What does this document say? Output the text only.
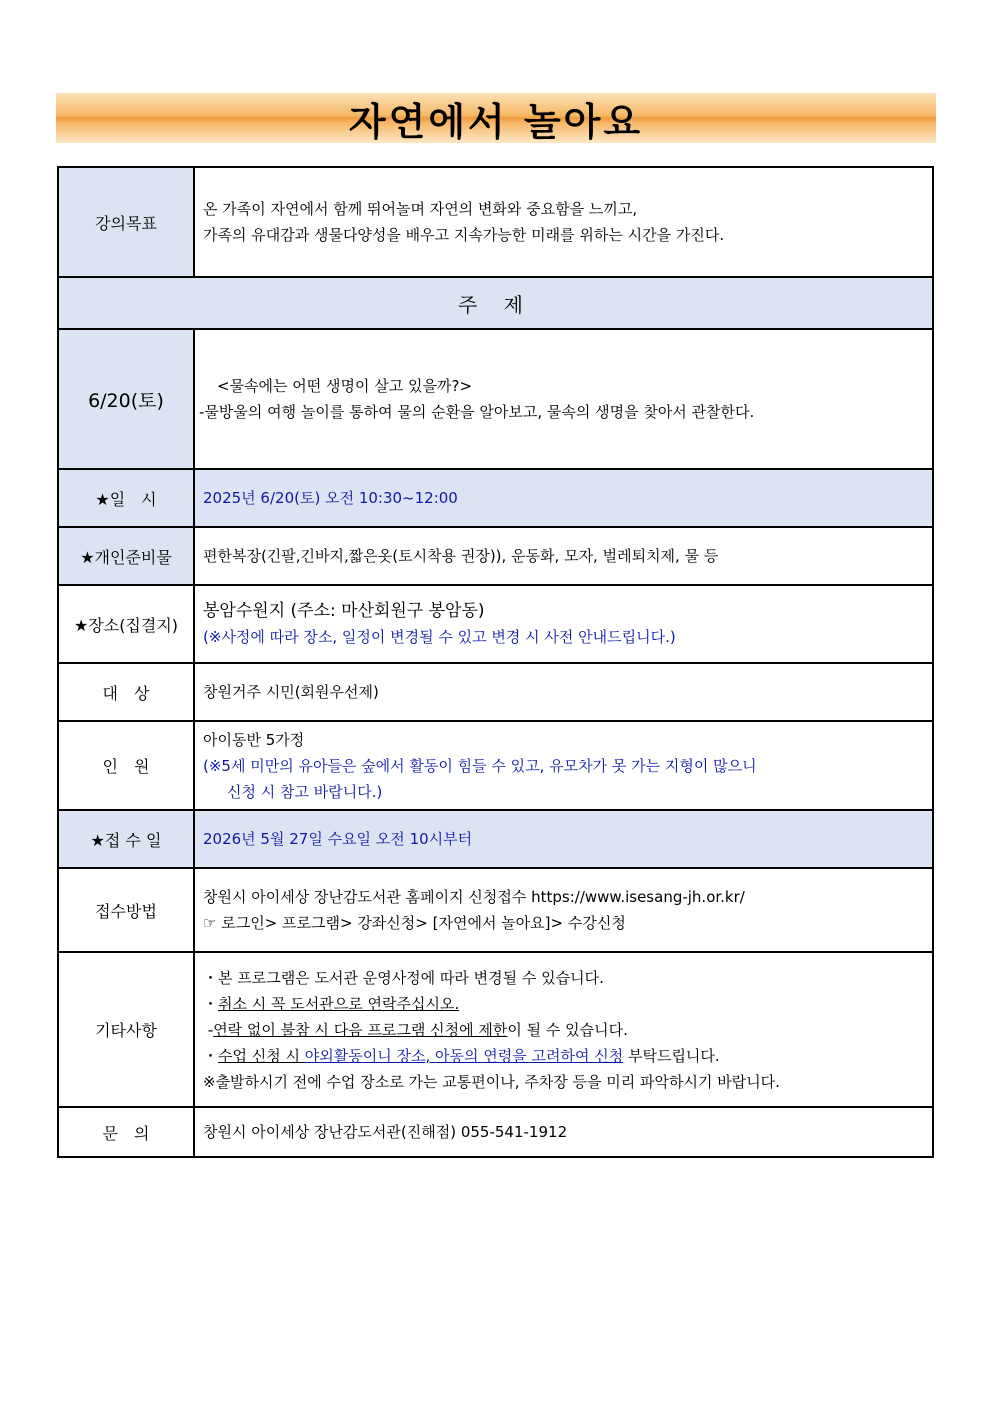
자연에서 놀아요
강의목표	온 가족이 자연에서 함께 뛰어놀며 자연의 변화와 중요함을 느끼고,
가족의 유대감과 생물다양성을 배우고 지속가능한 미래를 위하는 시간을 가진다.

주 제	
6/20(토)	<물속에는 어떤 생명이 살고 있을까?>
-물방울의 여행 놀이를 통하여 물의 순환을 알아보고, 물속의 생명을 찾아서 관찰한다.

★일　시	2025년 6/20(토) 오전 10:30~12:00
★개인준비물	편한복장(긴팔,긴바지,짧은옷(토시착용 권장)), 운동화, 모자, 벌레퇴치제, 물 등
★장소(집결지)	봉암수원지 (주소: 마산회원구 봉암동)
(※사정에 따라 장소, 일정이 변경될 수 있고 변경 시 사전 안내드립니다.)

대　상	창원거주 시민(회원우선제)
인　원	아이동반 5가정
(※5세 미만의 유아들은 숲에서 활동이 힘들 수 있고, 유모차가 못 가는 지형이 많으니
신청 시 참고 바랍니다.)

★접 수 일	2026년 5월 27일 수요일 오전 10시부터
접수방법	창원시 아이세상 장난감도서관 홈페이지 신청접수 https://www.isesang-jh.or.kr/
☞ 로그인> 프로그램> 강좌신청> [자연에서 놀아요]> 수강신청

기타사항	・본 프로그램은 도서관 운영사정에 따라 변경될 수 있습니다.
・취소 시 꼭 도서관으로 연락주십시오.
-연락 없이 불참 시 다음 프로그램 신청에 제한이 될 수 있습니다.
・수업 신청 시 야외활동이니 장소, 아동의 연령을 고려하여 신청 부탁드립니다.
※출발하시기 전에 수업 장소로 가는 교통편이나, 주차장 등을 미리 파악하시기 바랍니다.

문　의	창원시 아이세상 장난감도서관(진해점) 055-541-1912
